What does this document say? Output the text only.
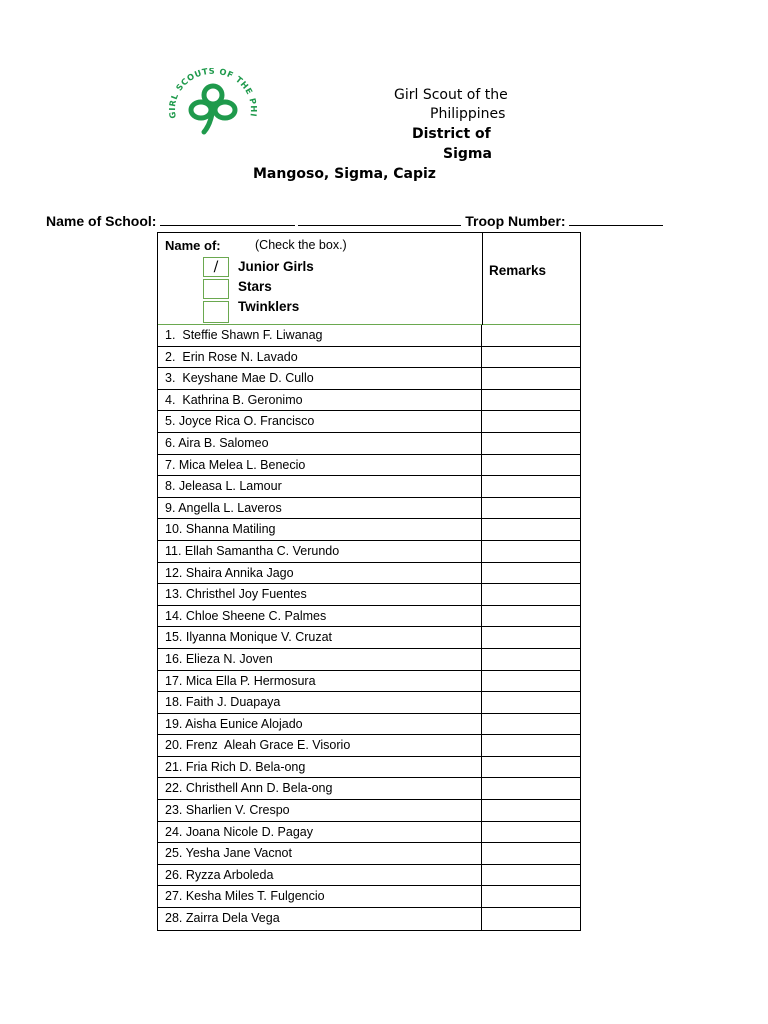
GIRL SCOUTS OF THE PHI
Girl Scout of the
Philippines
District of
Sigma
Mangoso, Sigma, Capiz
Name of School:	Troop Number:
Name of:	(Check the box.)
/	Junior Girls
Stars
Twinklers
Remarks
1.  Steffie Shawn F. Liwanag
2.  Erin Rose N. Lavado
3.  Keyshane Mae D. Cullo
4.  Kathrina B. Geronimo
5. Joyce Rica O. Francisco
6. Aira B. Salomeo
7. Mica Melea L. Benecio
8. Jeleasa L. Lamour
9. Angella L. Laveros
10. Shanna Matiling
11. Ellah Samantha C. Verundo
12. Shaira Annika Jago
13. Christhel Joy Fuentes
14. Chloe Sheene C. Palmes
15. Ilyanna Monique V. Cruzat
16. Elieza N. Joven
17. Mica Ella P. Hermosura
18. Faith J. Duapaya
19. Aisha Eunice Alojado
20. Frenz  Aleah Grace E. Visorio
21. Fria Rich D. Bela-ong
22. Christhell Ann D. Bela-ong
23. Sharlien V. Crespo
24. Joana Nicole D. Pagay
25. Yesha Jane Vacnot
26. Ryzza Arboleda
27. Kesha Miles T. Fulgencio
28. Zairra Dela Vega
